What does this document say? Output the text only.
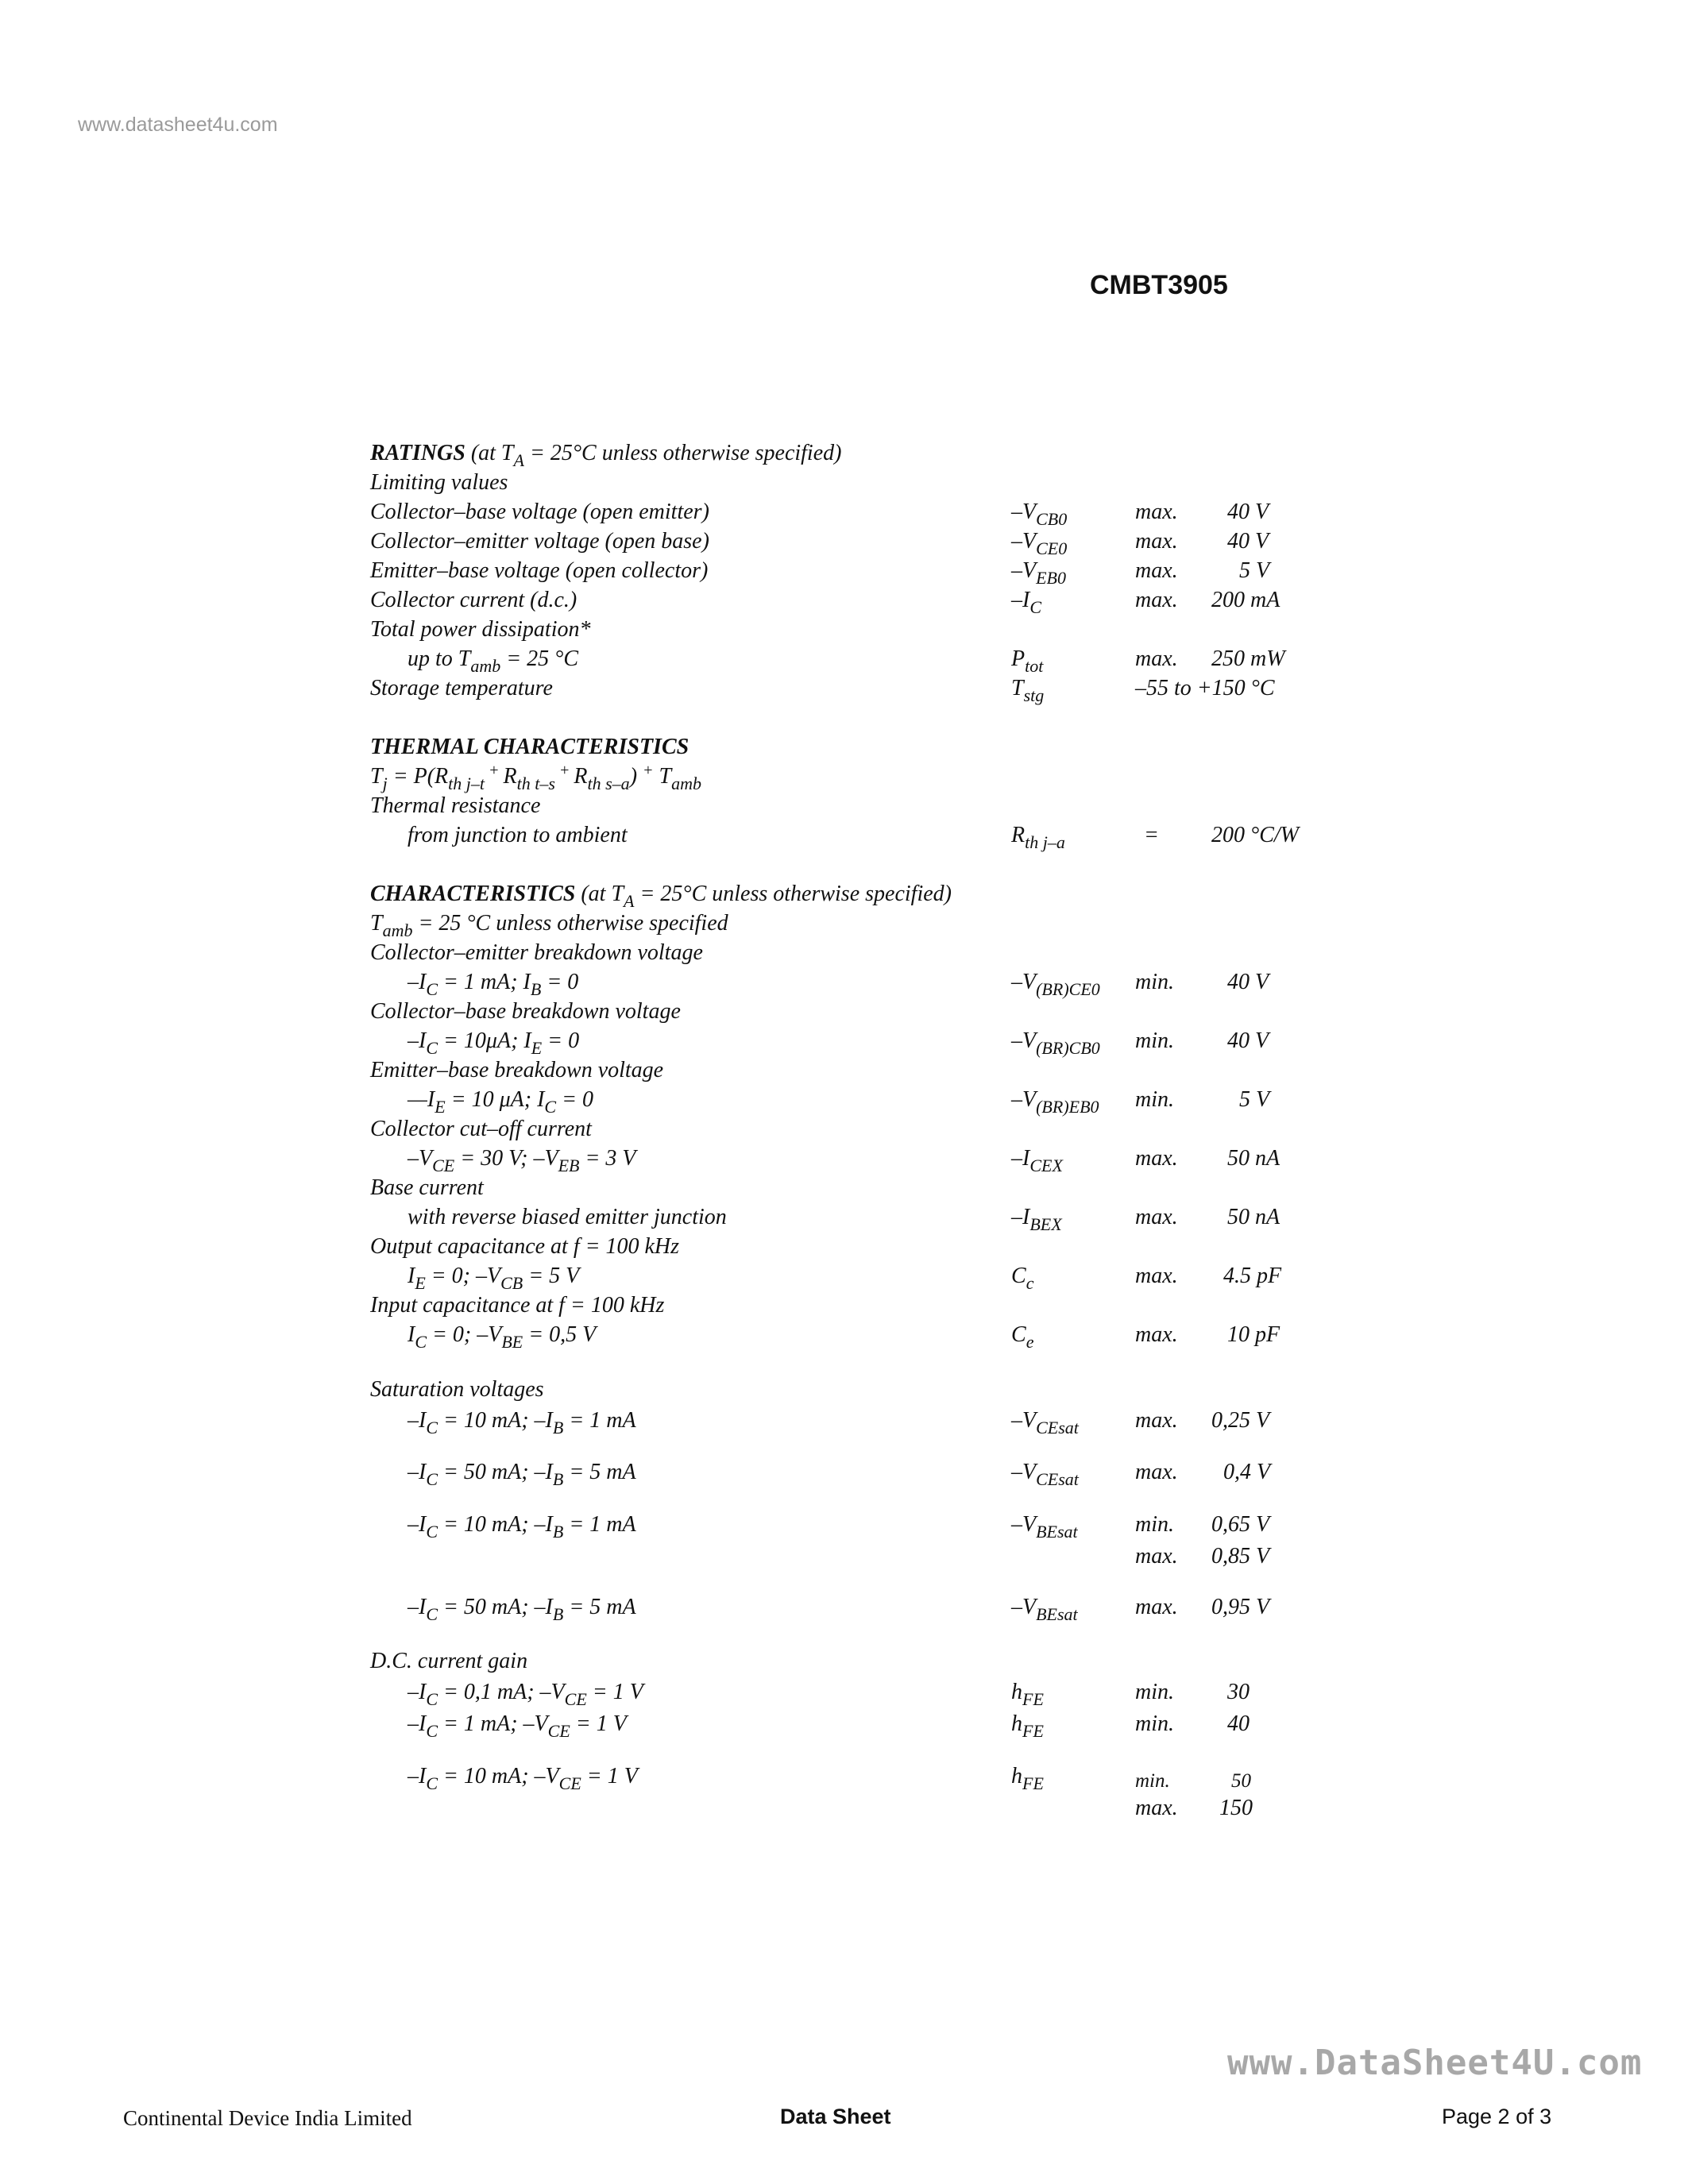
www.datasheet4u.com
CMBT3905
RATINGS (at $T_A = 25^\circ C$ unless otherwise specified)
Limiting values
Collector–base voltage (open emitter)	$-V_{CB0}$	max. 40 V
Collector–emitter voltage (open base)	$-V_{CE0}$	max. 40 V
Emitter–base voltage (open collector)	$-V_{EB0}$	max.	5 V
Collector current (d.c.)	$-I_C$	max. 200 mA
Total power dissipation*
up to $T_{amb} = 25$ °C	$P_{tot}$	max. 250 mW
Storage temperature	$T_{stg}$	–55 to +150 °C
THERMAL CHARACTERISTICS
$T_j = P(R_{th j-t}$ + $R_{th t-s}$ + $R_{th s-a}$) + $T_{amb}$
Thermal resistance
from junction to ambient	$R_{th j-a}$	= 200 °C/W
CHARACTERISTICS (at $T_A = 25^\circ C$ unless otherwise specified)
$T_{amb} = 25$ °C unless otherwise specified
Collector–emitter breakdown voltage
$-I_C = 1$ mA; $I_B = 0$	$-V_{(BR)CE0}$ min. 40 V
Collector–base breakdown voltage
$-I_C = 10\mu A$; $I_E = 0$	$-V_{(BR)CB0}$ min. 40 V
Emitter–base breakdown voltage
$—I_E = 10$ μA; $I_C = 0$	$-V_{(BR)EB0}$ min.	5 V
Collector cut–off current
$-V_{CE} = 30$ V; $-V_{EB} = 3$ V	$-I_{CEX}$	max. 50 nA
Base current
with reverse biased emitter junction	$-I_{BEX}$	max. 50 nA
Output capacitance at f = 100 kHz
$I_E = 0$; $-V_{CB} = 5$ V	$C_c$	max. 4.5 pF
Input capacitance at f = 100 kHz
$I_C = 0$; $-V_{BE} = 0,5$ V	$C_e$	max. 10 pF
Saturation voltages
$-I_C = 10$ mA; $-I_B = 1$ mA	$-V_{CEsat}$	max. 0,25 V
$-I_C = 50$ mA; $-I_B = 5$ mA	$-V_{CEsat}$	max. 0,4 V
$-I_C = 10$ mA; $-I_B = 1$ mA	$-V_{BEsat}$	min. 0,65 V
max. 0,85 V
$-I_C = 50$ mA; $-I_B = 5$ mA	$-V_{BEsat}$	max. 0,95 V
D.C. current gain
$-I_C = 0,1$ mA; $-V_{CE} = 1$ V	$h_{FE}$	min. 30
$-I_C = 1$ mA; $-V_{CE} = 1$ V	$h_{FE}$	min. 40
$-I_C = 10$ mA; $-V_{CE} = 1$ V	$h_{FE}$	min.	50
max. 150
www.DataSheet4U.com
Continental Device India Limited	Data Sheet	Page 2 of 3
